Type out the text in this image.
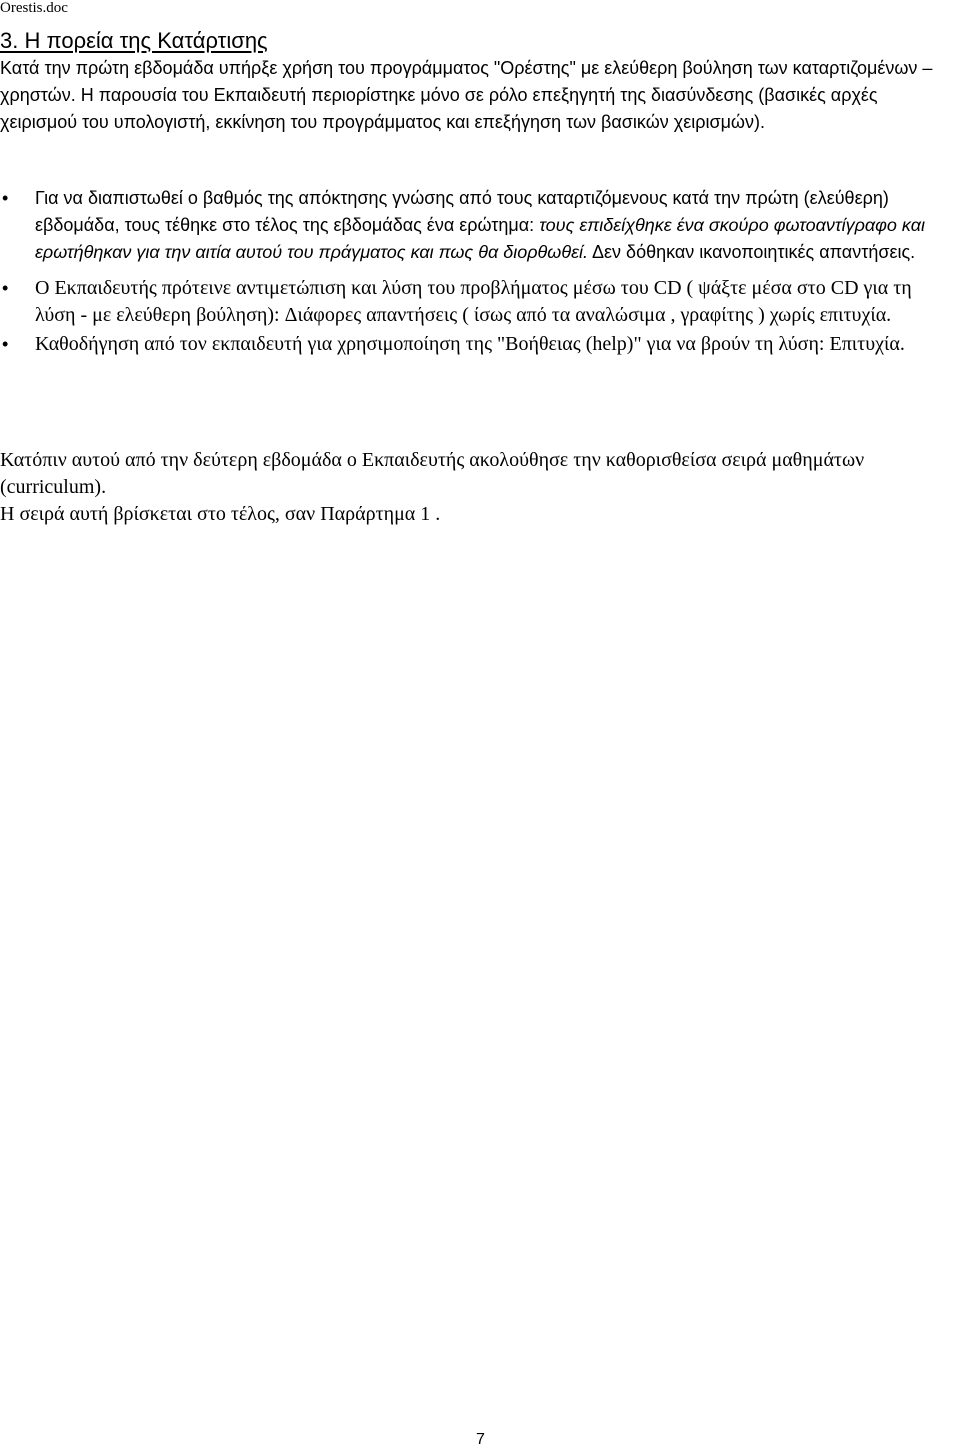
Orestis.doc
3. Η πορεία της Κατάρτισης

Κατά την πρώτη εβδομάδα υπήρξε χρήση του προγράμματος "Ορέστης" με ελεύθερη βούληση των καταρτιζομένων – χρηστών. Η παρουσία του Εκπαιδευτή περιορίστηκε μόνο σε ρόλο επεξηγητή της διασύνδεσης (βασικές αρχές χειρισμού του υπολογιστή, εκκίνηση του προγράμματος και επεξήγηση των βασικών χειρισμών).

• Για να διαπιστωθεί ο βαθμός της απόκτησης γνώσης από τους καταρτιζόμενους κατά την πρώτη (ελεύθερη) εβδομάδα, τους τέθηκε στο τέλος της εβδομάδας ένα ερώτημα: τους επιδείχθηκε ένα σκούρο φωτοαντίγραφο και ερωτήθηκαν για την αιτία αυτού του πράγματος και πως θα διορθωθεί. Δεν δόθηκαν ικανοποιητικές απαντήσεις.
• Ο Εκπαιδευτής πρότεινε αντιμετώπιση και λύση του προβλήματος μέσω του CD ( ψάξτε μέσα στο CD για τη λύση - με ελεύθερη βούληση): Διάφορες απαντήσεις ( ίσως από τα αναλώσιμα , γραφίτης ) χωρίς επιτυχία.
• Καθοδήγηση από τον εκπαιδευτή για χρησιμοποίηση της "Βοήθειας (help)" για να βρούν τη λύση: Επιτυχία.

Κατόπιν αυτού από την δεύτερη εβδομάδα ο Εκπαιδευτής ακολούθησε την καθορισθείσα σειρά μαθημάτων (curriculum).

Η σειρά αυτή βρίσκεται στο τέλος, σαν Παράρτημα 1 .

7
